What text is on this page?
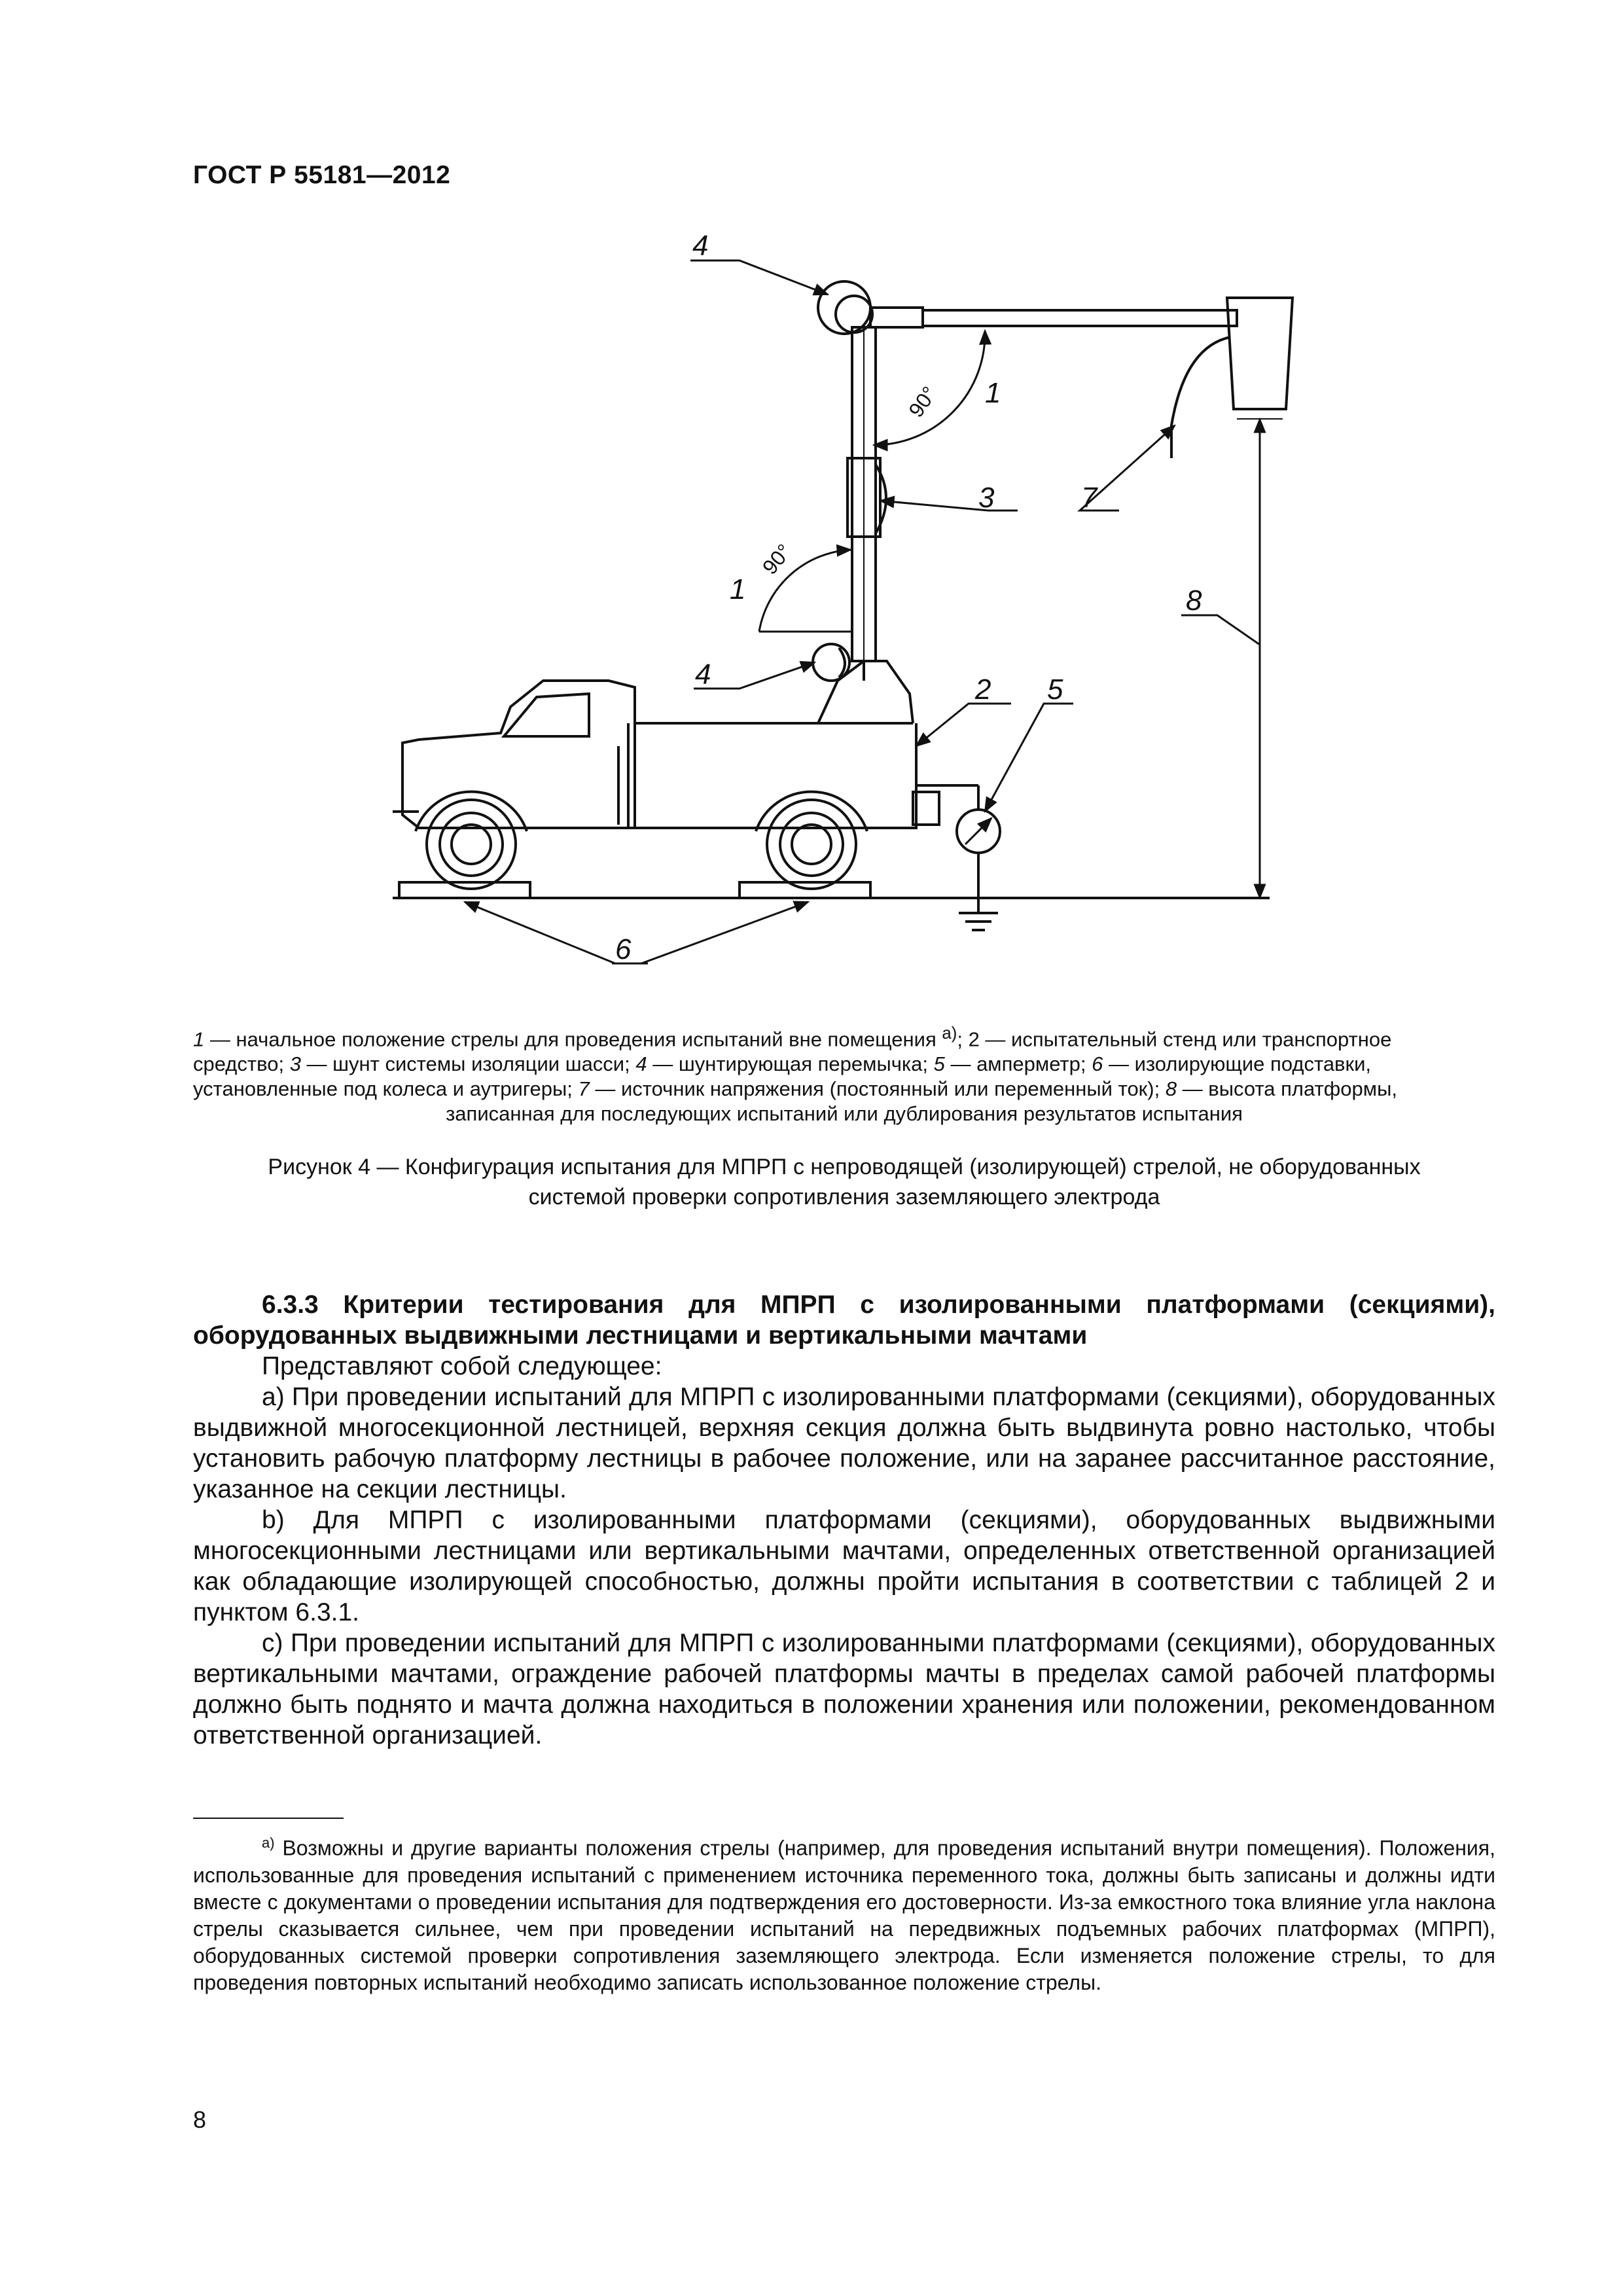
ГОСТ Р 55181—2012
4
1
3	7
8
1
4	2 5
6
90°
90°

1 — начальное положение стрелы для проведения испытаний вне помещения $^{a)}$; 2 — испытательный стенд или транспортное

средство; 3 — шунт системы изоляции шасси; 4 — шунтирующая перемычка; 5 — амперметр; 6 — изолирующие подставки,

установленные под колеса и аутригеры; 7 — источник напряжения (постоянный или переменный ток); 8 — высота платформы,

записанная для последующих испытаний или дублирования результатов испытания

Рисунок 4 — Конфигурация испытания для МПРП с непроводящей (изолирующей) стрелой, не оборудованных

системой проверки сопротивления заземляющего электрода

6.3.3 Критерии тестирования для МПРП с изолированными платформами (секциями), оборудованных выдвижными лестницами и вертикальными мачтами

Представляют собой следующее:

а) При проведении испытаний для МПРП с изолированными платформами (секциями), оборудованных выдвижной многосекционной лестницей, верхняя секция должна быть выдвинута ровно настолько, чтобы установить рабочую платформу лестницы в рабочее положение, или на заранее рассчитанное расстояние, указанное на секции лестницы.

b) Для МПРП с изолированными платформами (секциями), оборудованных выдвижными многосекционными лестницами или вертикальными мачтами, определенных ответственной организацией как обладающие изолирующей способностью, должны пройти испытания в соответствии с таблицей 2 и пунктом 6.3.1.

с) При проведении испытаний для МПРП с изолированными платформами (секциями), оборудованных вертикальными мачтами, ограждение рабочей платформы мачты в пределах самой рабочей платформы должно быть поднято и мачта должна находиться в положении хранения или положении, рекомендованном ответственной организацией.

$^{a)}$ Возможны и другие варианты положения стрелы (например, для проведения испытаний внутри помещения). Положения, использованные для проведения испытаний с применением источника переменного тока, должны быть записаны и должны идти вместе с документами о проведении испытания для подтверждения его достоверности. Из-за емкостного тока влияние угла наклона стрелы сказывается сильнее, чем при проведении испытаний на передвижных подъемных рабочих платформах (МПРП), оборудованных системой проверки сопротивления заземляющего электрода. Если изменяется положение стрелы, то для проведения повторных испытаний необходимо записать использованное положение стрелы.

8
